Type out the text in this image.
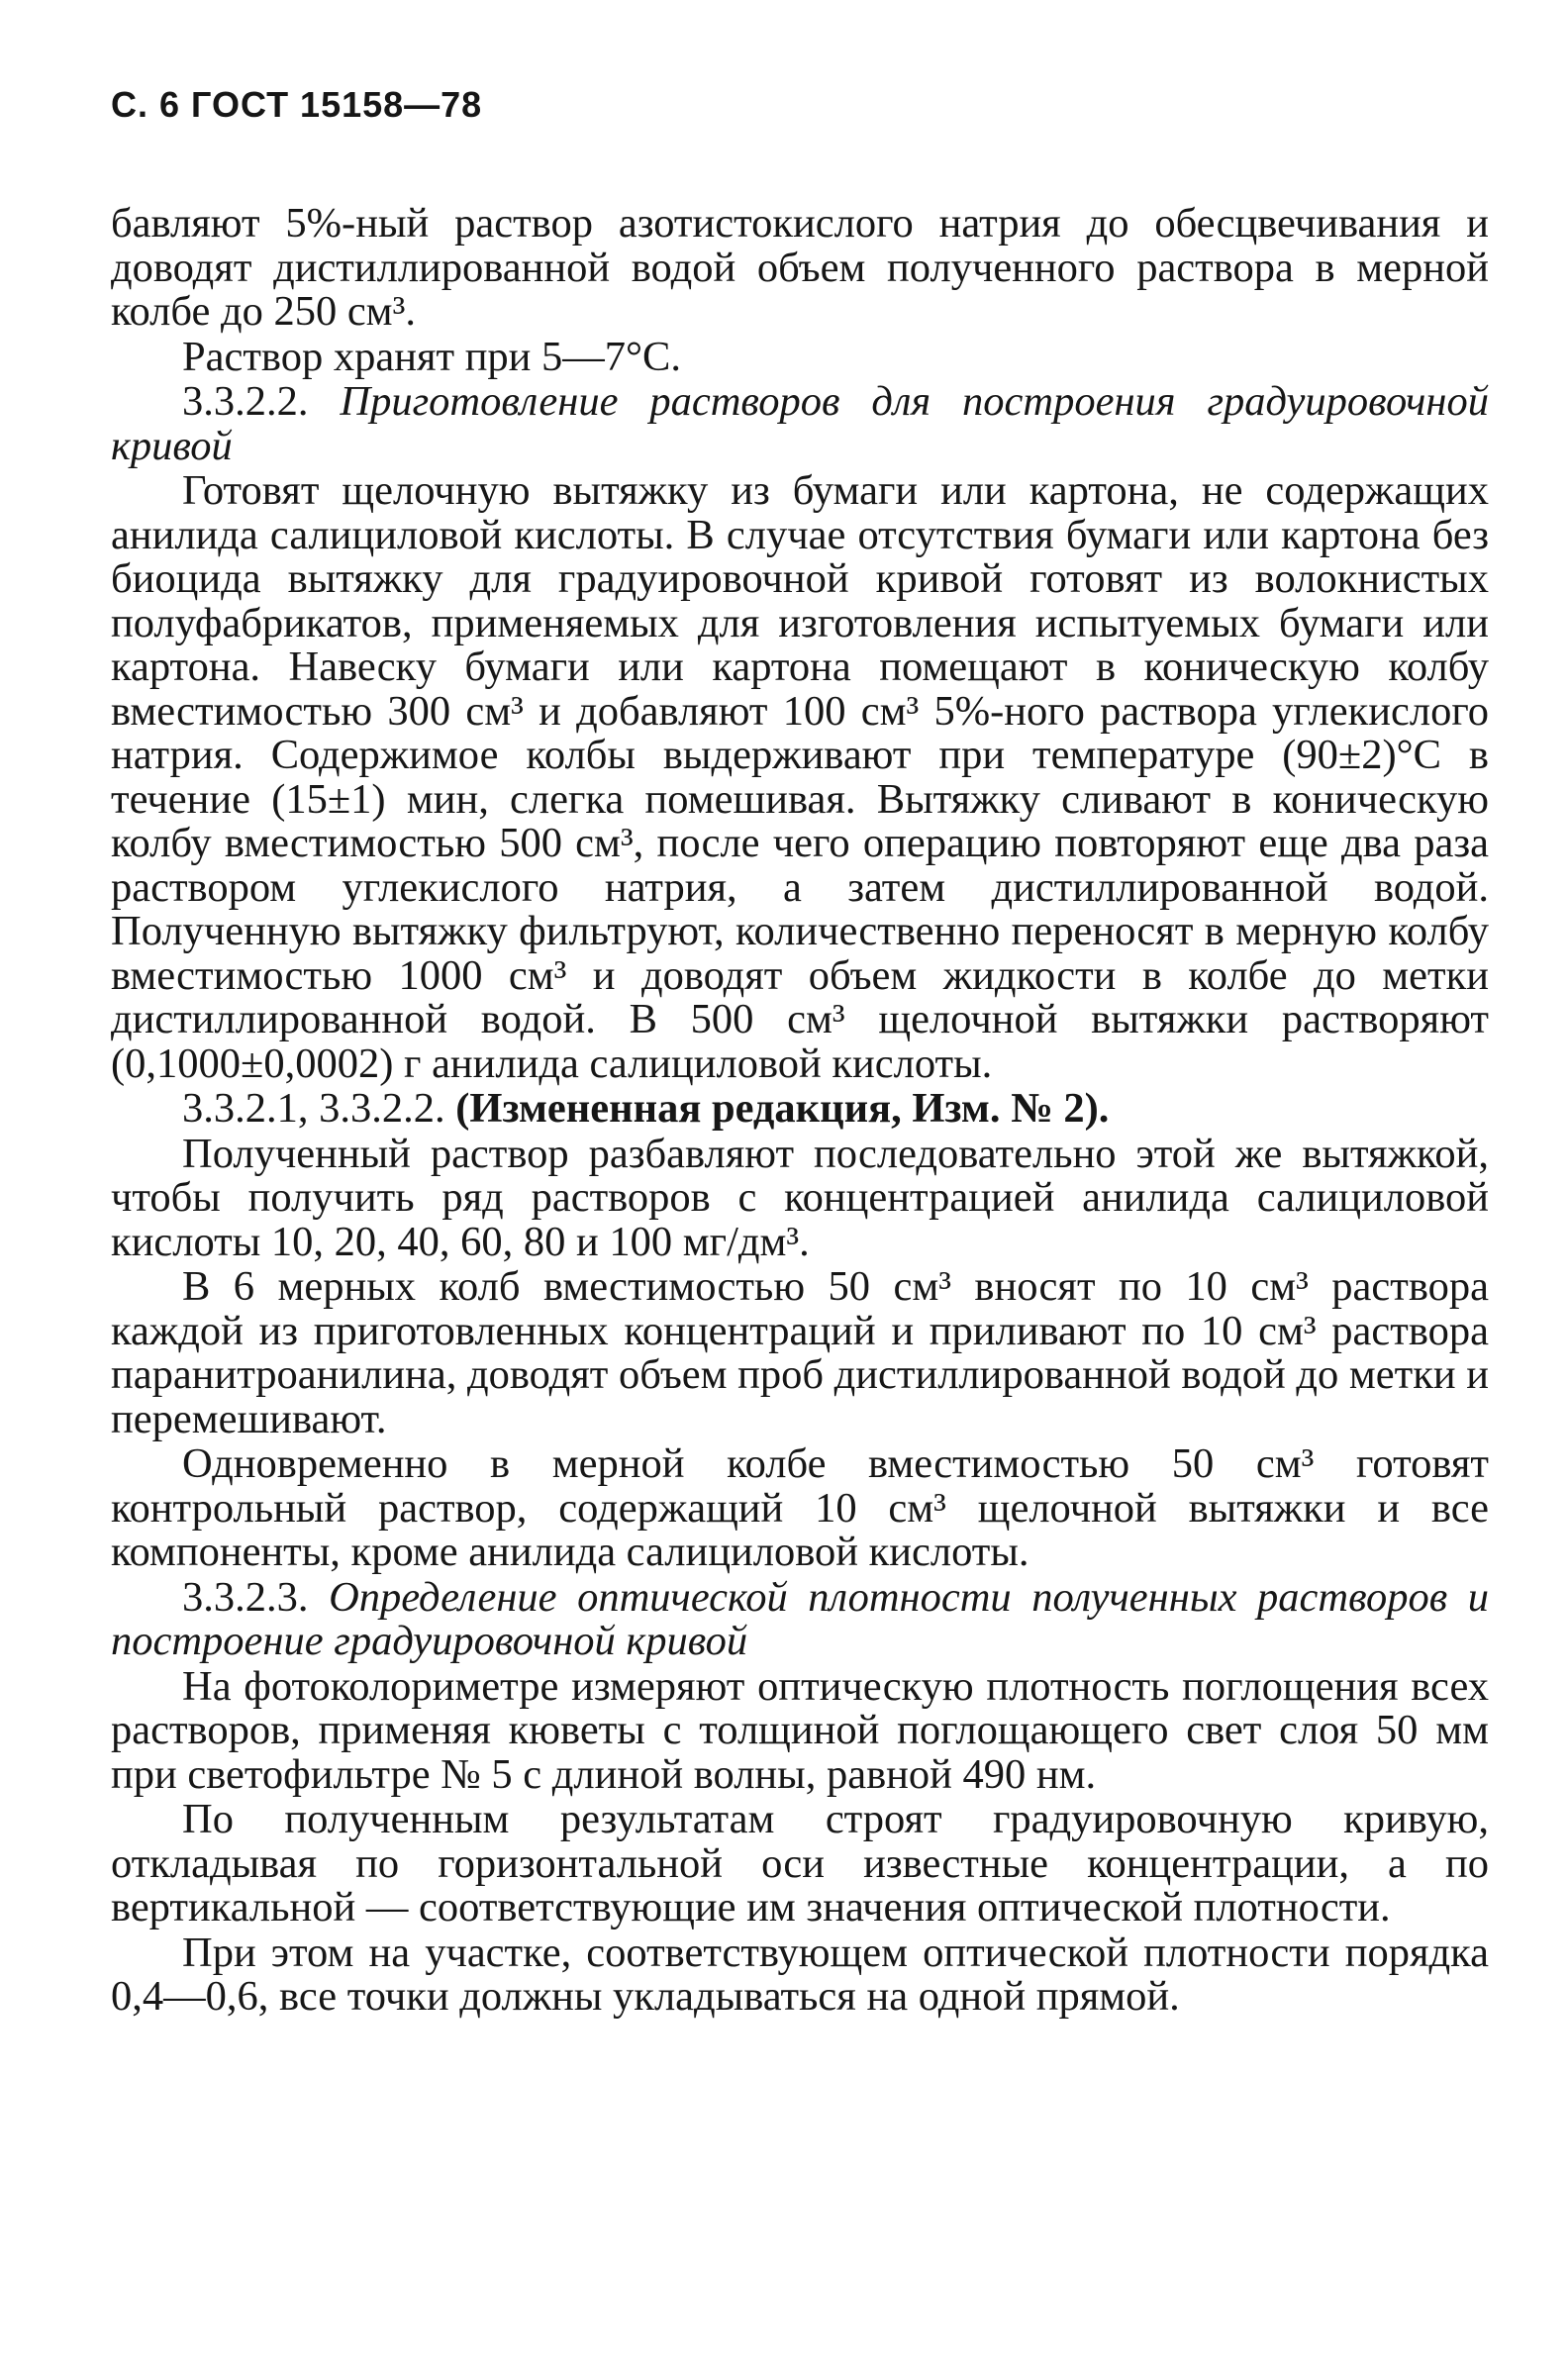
С. 6 ГОСТ 15158—78

бавляют 5%-ный раствор азотистокислого натрия до обесцвечивания и доводят дистиллированной водой объем полученного раствора в мерной колбе до 250 см³.

Раствор хранят при 5—7°С.

3.3.2.2. Приготовление растворов для построения градуировочной кривой

Готовят щелочную вытяжку из бумаги или картона, не содержащих анилида салициловой кислоты. В случае отсутствия бумаги или картона без биоцида вытяжку для градуировочной кривой готовят из волокнистых полуфабрикатов, применяемых для изготовления испытуемых бумаги или картона. Навеску бумаги или картона помещают в коническую колбу вместимостью 300 см³ и добавляют 100 см³ 5%-ного раствора углекислого натрия. Содержимое колбы выдерживают при температуре (90±2)°С в течение (15±1) мин, слегка помешивая. Вытяжку сливают в коническую колбу вместимостью 500 см³, после чего операцию повторяют еще два раза раствором углекислого натрия, а затем дистиллированной водой. Полученную вытяжку фильтруют, количественно переносят в мерную колбу вместимостью 1000 см³ и доводят объем жидкости в колбе до метки дистиллированной водой. В 500 см³ щелочной вытяжки растворяют (0,1000±0,0002) г анилида салициловой кислоты.

3.3.2.1, 3.3.2.2. (Измененная редакция, Изм. № 2).

Полученный раствор разбавляют последовательно этой же вытяжкой, чтобы получить ряд растворов с концентрацией анилида салициловой кислоты 10, 20, 40, 60, 80 и 100 мг/дм³.

В 6 мерных колб вместимостью 50 см³ вносят по 10 см³ раствора каждой из приготовленных концентраций и приливают по 10 см³ раствора паранитроанилина, доводят объем проб дистиллированной водой до метки и перемешивают.

Одновременно в мерной колбе вместимостью 50 см³ готовят контрольный раствор, содержащий 10 см³ щелочной вытяжки и все компоненты, кроме анилида салициловой кислоты.

3.3.2.3. Определение оптической плотности полученных растворов и построение градуировочной кривой

На фотоколориметре измеряют оптическую плотность поглощения всех растворов, применяя кюветы с толщиной поглощающего свет слоя 50 мм при светофильтре № 5 с длиной волны, равной 490 нм.

По полученным результатам строят градуировочную кривую, откладывая по горизонтальной оси известные концентрации, а по вертикальной — соответствующие им значения оптической плотности.

При этом на участке, соответствующем оптической плотности порядка 0,4—0,6, все точки должны укладываться на одной прямой.
